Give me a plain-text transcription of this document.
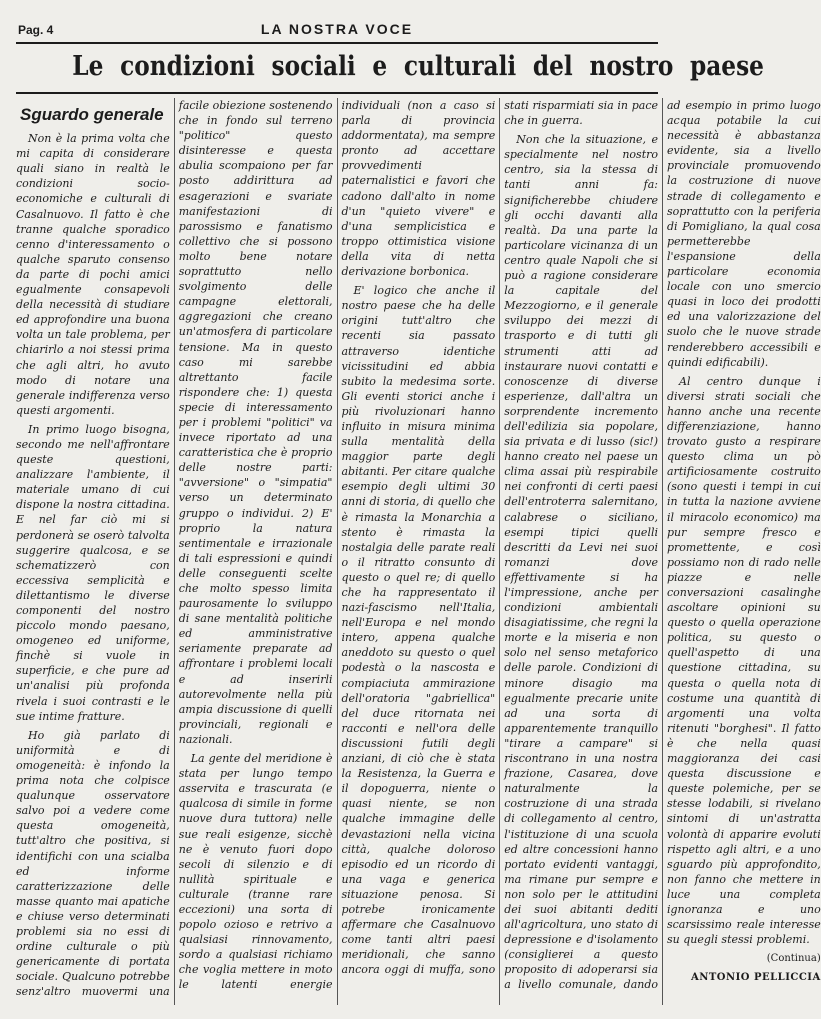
Pag. 4	LA NOSTRA VOCE
Le condizioni sociali e culturali del nostro paese
Sguardo generale

Non è la prima volta che mi capita di considerare quali siano in realtà le condizioni socio-economiche e culturali di Casalnuovo. Il fatto è che tranne qualche sporadico cenno d'interessamento o qualche sparuto consenso da parte di pochi amici egualmente consapevoli della necessità di studiare ed approfondire una buona volta un tale problema, per chiarirlo a noi stessi prima che agli altri, ho avuto modo di notare una generale indifferenza verso questi argomenti.

In primo luogo bisogna, secondo me nell'affrontare queste questioni, analizzare l'ambiente, il materiale umano di cui dispone la nostra cittadina. E nel far ciò mi si perdonerà se oserò talvolta suggerire qualcosa, e se schematizzerò con eccessiva semplicità e dilettantismo le diverse componenti del nostro piccolo mondo paesano, omogeneo ed uniforme, finchè si vuole in superficie, e che pure ad un'analisi più profonda rivela i suoi contrasti e le sue intime fratture.

Ho già parlato di uniformità e di omogeneità: è infondo la prima nota che colpisce qualunque osservatore salvo poi a vedere come questa omogeneità, tutt'altro che positiva, si identifichi con una scialba ed informe caratterizzazione delle masse quanto mai apatiche e chiuse verso determinati problemi sia no essi di ordine culturale o più genericamente di portata sociale. Qualcuno potrebbe senz'altro muovermi una facile obiezione sostenendo che in fondo sul terreno "politico" questo disinteresse e questa abulia scompaiono per far posto addirittura ad esagerazioni e svariate manifestazioni di parossismo e fanatismo collettivo che si possono molto bene notare soprattutto nello svolgimento delle campagne elettorali, aggregazioni che creano un'atmosfera di particolare tensione. Ma in questo caso mi sarebbe altrettanto facile rispondere che: 1) questa specie di interessamento per i problemi "politici" va invece riportato ad una caratteristica che è proprio delle nostre parti: "avversione" o "simpatia" verso un determinato gruppo o individui. 2) E' proprio la natura sentimentale e irrazionale di tali espressioni e quindi delle conseguenti scelte che molto spesso limita paurosamente lo sviluppo di sane mentalità politiche ed amministrative seriamente preparate ad affrontare i problemi locali e ad inserirli autorevolmente nella più ampia discussione di quelli provinciali, regionali e nazionali.

La gente del meridione è stata per lungo tempo asservita e trascurata (e qualcosa di simile in forme nuove dura tuttora) nelle sue reali esigenze, sicchè ne è venuto fuori dopo secoli di silenzio e di nullità spirituale e culturale (tranne rare eccezioni) una sorta di popolo ozioso e retrivo a qualsiasi rinnovamento, sordo a qualsiasi richiamo che voglia mettere in moto le latenti energie individuali (non a caso si parla di provincia addormentata), ma sempre pronto ad accettare provvedimenti paternalistici e favori che cadono dall'alto in nome d'un "quieto vivere" e d'una semplicistica e troppo ottimistica visione della vita di netta derivazione borbonica.

E' logico che anche il nostro paese che ha delle origini tutt'altro che recenti sia passato attraverso identiche vicissitudini ed abbia subito la medesima sorte. Gli eventi storici anche i più rivoluzionari hanno influito in misura minima sulla mentalità della maggior parte degli abitanti. Per citare qualche esempio degli ultimi 30 anni di storia, di quello che è rimasta la Monarchia a stento è rimasta la nostalgia delle parate reali o il ritratto consunto di questo o quel re; di quello che ha rappresentato il nazi-fascismo nell'Italia, nell'Europa e nel mondo intero, appena qualche aneddoto su questo o quel podestà o la nascosta e compiaciuta ammirazione dell'oratoria "gabriellica" del duce ritornata nei racconti e nell'ora delle discussioni futili degli anziani, di ciò che è stata la Resistenza, la Guerra e il dopoguerra, niente o quasi niente, se non qualche immagine delle devastazioni nella vicina città, qualche doloroso episodio ed un ricordo di una vaga e generica situazione penosa. Si potrebe ironicamente affermare che Casalnuovo come tanti altri paesi meridionali, che sanno ancora oggi di muffa, sono stati risparmiati sia in pace che in guerra.

Non che la situazione, e specialmente nel nostro centro, sia la stessa di tanti anni fa: significherebbe chiudere gli occhi davanti alla realtà. Da una parte la particolare vicinanza di un centro quale Napoli che si può a ragione considerare la capitale del Mezzogiorno, e il generale sviluppo dei mezzi di trasporto e di tutti gli strumenti atti ad instaurare nuovi contatti e conoscenze di diverse esperienze, dall'altra un sorprendente incremento dell'edilizia sia popolare, sia privata e di lusso (sic!) hanno creato nel paese un clima assai più respirabile nei confronti di certi paesi dell'entroterra salernitano, calabrese o siciliano, esempi tipici quelli descritti da Levi nei suoi romanzi dove effettivamente si ha l'impressione, anche per condizioni ambientali disagiatissime, che regni la morte e la miseria e non solo nel senso metaforico delle parole. Condizioni di minore disagio ma egualmente precarie unite ad una sorta di apparentemente tranquillo "tirare a campare" si riscontrano in una nostra frazione, Casarea, dove naturalmente la costruzione di una strada di collegamento al centro, l'istituzione di una scuola ed altre concessioni hanno portato evidenti vantaggi, ma rimane pur sempre e non solo per le attitudini dei suoi abitanti dediti all'agricoltura, uno stato di depressione e d'isolamento (consiglierei a questo proposito di adoperarsi sia a livello comunale, dando ad esempio in primo luogo acqua potabile la cui necessità è abbastanza evidente, sia a livello provinciale promuovendo la costruzione di nuove strade di collegamento e soprattutto con la periferia di Pomigliano, la qual cosa permetterebbe l'espansione della particolare economia locale con uno smercio quasi in loco dei prodotti ed una valorizzazione del suolo che le nuove strade renderebbero accessibili e quindi edificabili).

Al centro dunque i diversi strati sociali che hanno anche una recente differenziazione, hanno trovato gusto a respirare questo clima un pò artificiosamente costruito (sono questi i tempi in cui in tutta la nazione avviene il miracolo economico) ma pur sempre fresco e promettente, e così possiamo non di rado nelle piazze e nelle conversazioni casalinghe ascoltare opinioni su questo o quella operazione politica, su questo o quell'aspetto di una questione cittadina, su questa o quella nota di costume una quantità di argomenti una volta ritenuti "borghesi". Il fatto è che nella quasi maggioranza dei casi questa discussione e queste polemiche, per se stesse lodabili, si rivelano sintomi di un'astratta volontà di apparire evoluti rispetto agli altri, e a uno sguardo più approfondito, non fanno che mettere in luce una completa ignoranza e uno scarsissimo reale interesse su quegli stessi problemi.

(Continua)

ANTONIO PELLICCIA
